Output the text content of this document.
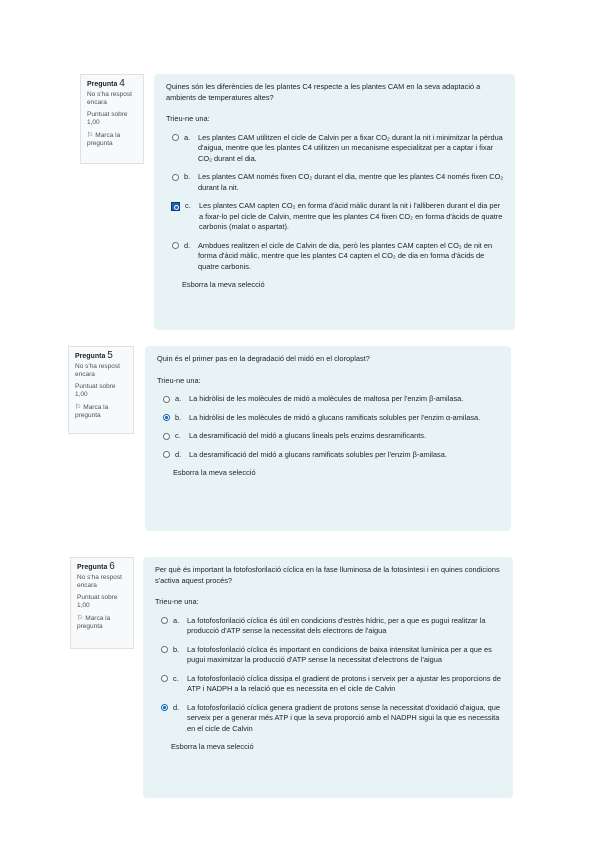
Pregunta 4
No s'ha respost encara
Puntuat sobre 1,00
⚐ Marca la pregunta
Quines són les diferències de les plantes C4 respecte a les plantes CAM en la seva adaptació a ambients de temperatures altes?
Trieu-ne una:
a.	Les plantes CAM utilitzen el cicle de Calvin per a fixar CO₂ durant la nit i minimitzar la pèrdua d'aigua, mentre que les plantes C4 utilitzen un mecanisme especialitzat per a captar i fixar CO₂ durant el dia.
b.	Les plantes CAM només fixen CO₂ durant el dia, mentre que les plantes C4 només fixen CO₂ durant la nit.
c.	Les plantes CAM capten CO₂ en forma d'àcid màlic durant la nit i l'alliberen durant el dia per a fixar-lo pel cicle de Calvin, mentre que les plantes C4 fixen CO₂ en forma d'àcids de quatre carbonis (malat o aspartat).
d.	Ambdues realitzen el cicle de Calvin de dia, però les plantes CAM capten el CO₂ de nit en forma d'àcid màlic, mentre que les plantes C4 capten el CO₂ de dia en forma d'àcids de quatre carbonis.
Esborra la meva selecció
Pregunta 5
No s'ha respost encara
Puntuat sobre 1,00
⚐ Marca la pregunta
Quin és el primer pas en la degradació del midó en el cloroplast?
Trieu-ne una:
a.	La hidròlisi de les molècules de midó a molècules de maltosa per l'enzim β-amilasa.
b.	La hidròlisi de les molècules de midó a glucans ramificats solubles per l'enzim α-amilasa.
c.	La desramificació del midó a glucans lineals pels enzims desramificants.
d.	La desramificació del midó a glucans ramificats solubles per l'enzim β-amilasa.
Esborra la meva selecció
Pregunta 6
No s'ha respost encara
Puntuat sobre 1,00
⚐ Marca la pregunta
Per què és important la fotofosforilació cíclica en la fase lluminosa de la fotosíntesi i en quines condicions s'activa aquest procés?
Trieu-ne una:
a.	La fotofosforilació cíclica és útil en condicions d'estrès hídric, per a que es pugui realitzar la producció d'ATP sense la necessitat dels electrons de l'aigua
b.	La fotofosforilació cíclica és important en condicions de baixa intensitat lumínica per a que es pugui maximitzar la producció d'ATP sense la necessitat d'electrons de l'aigua
c.	La fotofosforilació cíclica dissipa el gradient de protons i serveix per a ajustar les proporcions de ATP i NADPH a la relació que es necessita en el cicle de Calvin
d.	La fotofosforilació cíclica genera gradient de protons sense la necessitat d'oxidació d'aigua, que serveix per a generar més ATP i que la seva proporció amb el NADPH sigui la que es necessita en el cicle de Calvin
Esborra la meva selecció
